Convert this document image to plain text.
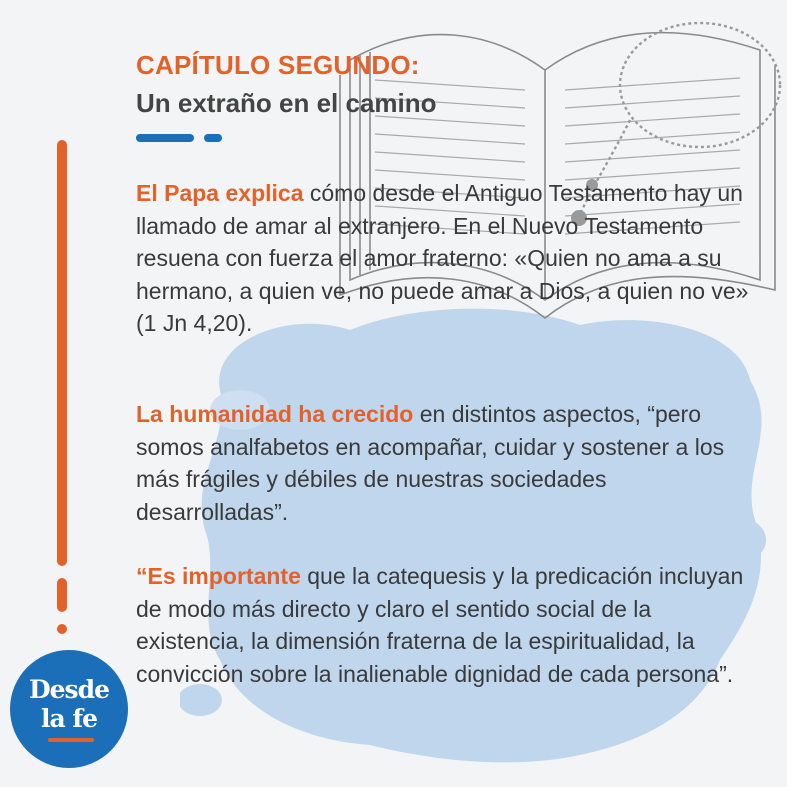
CAPÍTULO SEGUNDO:
Un extraño en el camino

El Papa explica cómo desde el Antiguo Testamento hay un llamado de amar al extranjero. En el Nuevo Testamento resuena con fuerza el amor fraterno: «Quien no ama a su hermano, a quien ve, no puede amar a Dios, a quien no ve» (1 Jn 4,20).

La humanidad ha crecido en distintos aspectos, “pero somos analfabetos en acompañar, cuidar y sostener a los más frágiles y débiles de nuestras sociedades desarrolladas”.

“Es importante que la catequesis y la predicación incluyan de modo más directo y claro el sentido social de la existencia, la dimensión fraterna de la espiritualidad, la convicción sobre la inalienable dignidad de cada persona”.

Desde
la fe
